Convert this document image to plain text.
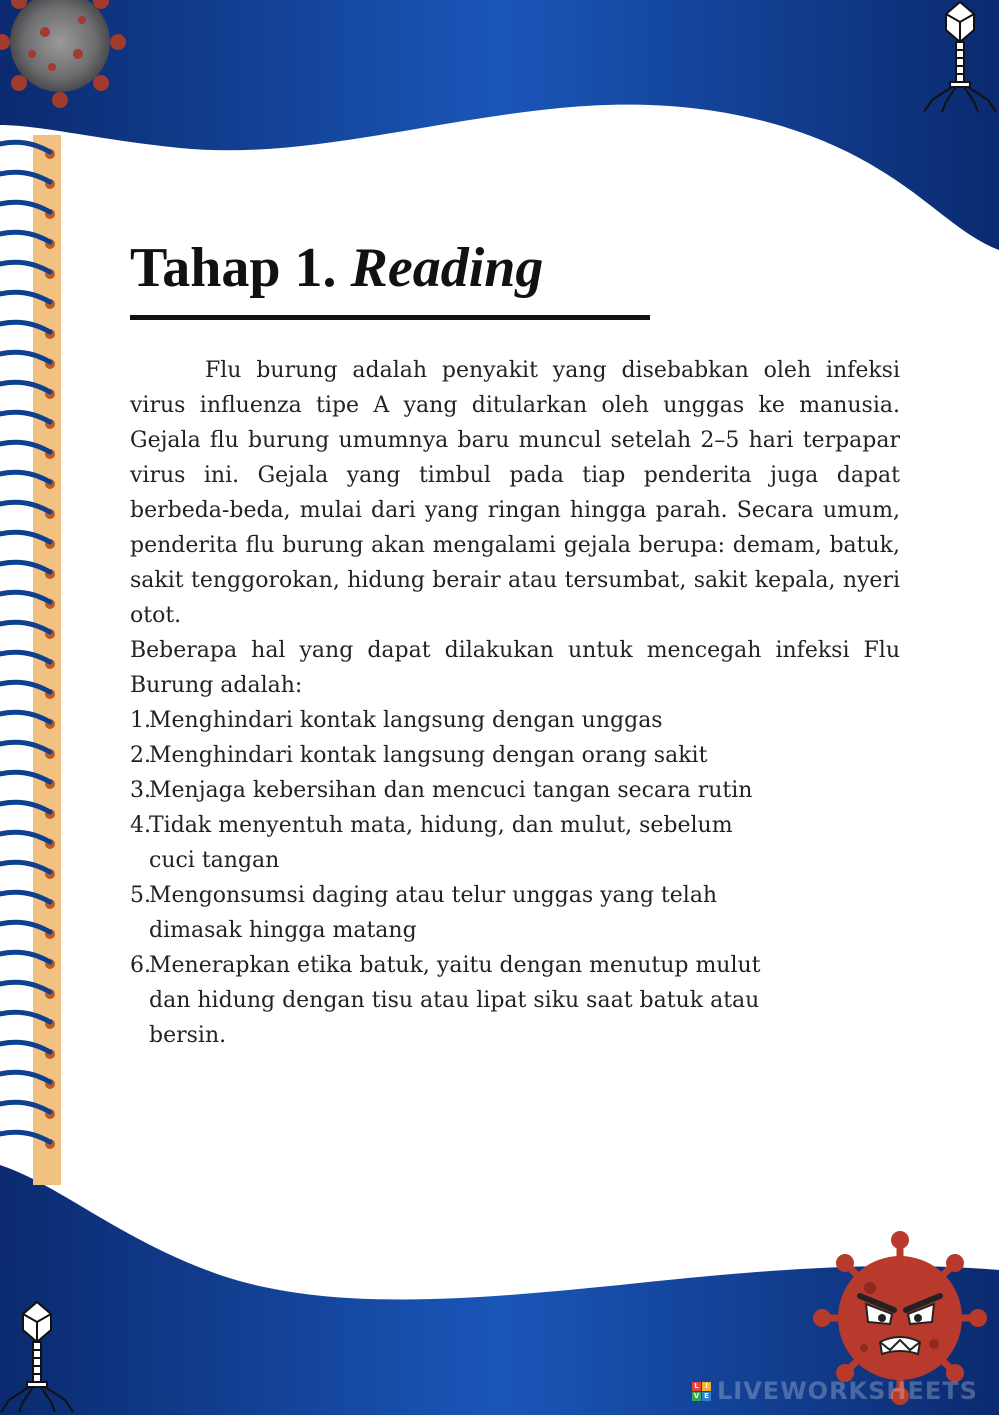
Tahap 1. Reading

Flu burung adalah penyakit yang disebabkan oleh infeksi virus influenza tipe A yang ditularkan oleh unggas ke manusia. Gejala flu burung umumnya baru muncul setelah 2–5 hari terpapar virus ini. Gejala yang timbul pada tiap penderita juga dapat berbeda-beda, mulai dari yang ringan hingga parah. Secara umum, penderita flu burung akan mengalami gejala berupa: demam, batuk, sakit tenggorokan, hidung berair atau tersumbat, sakit kepala, nyeri otot.

Beberapa hal yang dapat dilakukan untuk mencegah infeksi Flu Burung adalah:

1.
Menghindari kontak langsung dengan unggas
2.
Menghindari kontak langsung dengan orang sakit
3.
Menjaga kebersihan dan mencuci tangan secara rutin
4.
Tidak menyentuh mata, hidung, dan mulut, sebelum cuci tangan
5.
Mengonsumsi daging atau telur unggas yang telah dimasak hingga matang
6.
Menerapkan etika batuk, yaitu dengan menutup mulut dan hidung dengan tisu atau lipat siku saat batuk atau bersin.
L I
V E LIVEWORKSHEETS
